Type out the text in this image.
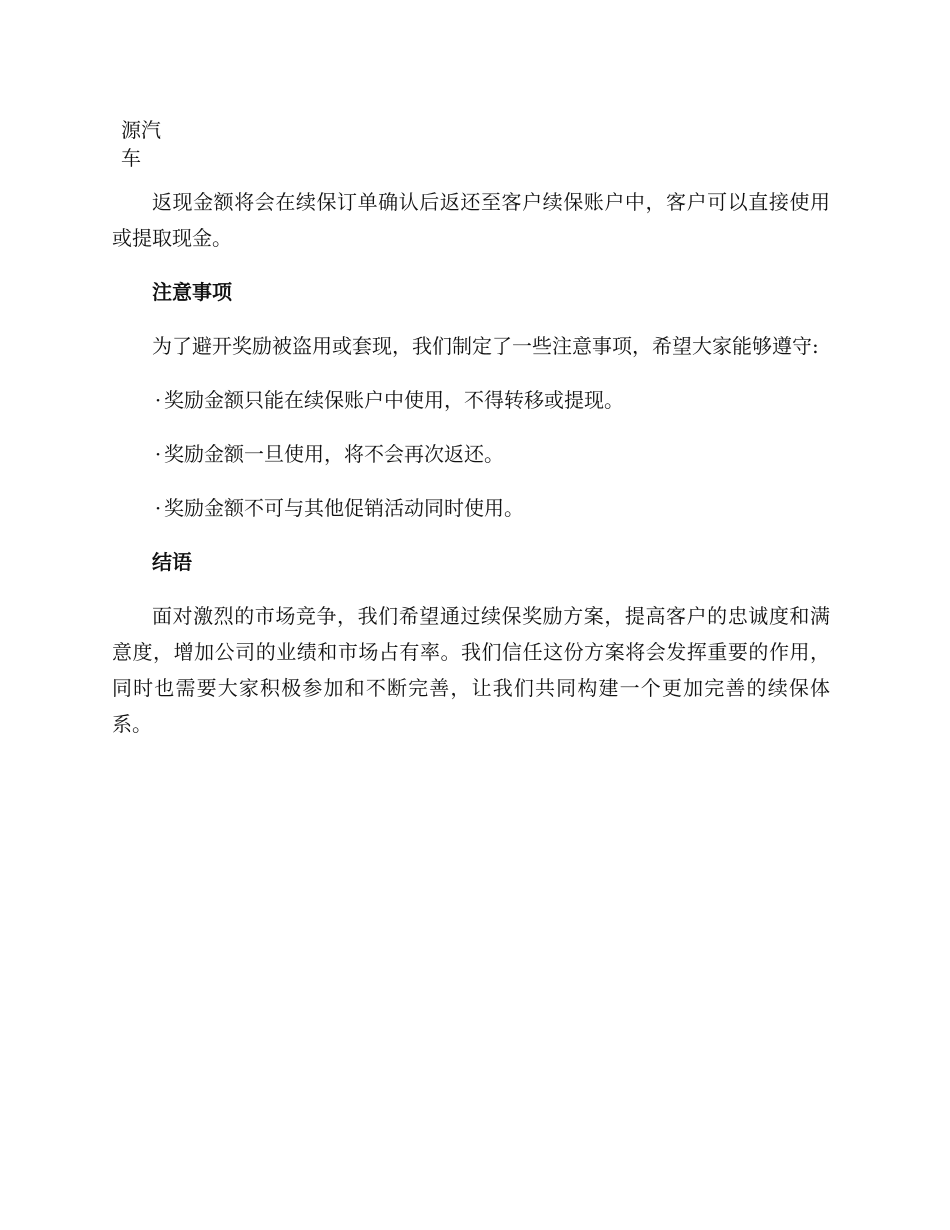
源汽车

返现金额将会在续保订单确认后返还至客户续保账户中，客户可以直接使用或提取现金。

注意事项

为了避开奖励被盗用或套现，我们制定了一些注意事项，希望大家能够遵守:

· 奖励金额只能在续保账户中使用，不得转移或提现。
· 奖励金额一旦使用，将不会再次返还。
· 奖励金额不可与其他促销活动同时使用。
结语

面对激烈的市场竞争，我们希望通过续保奖励方案，提高客户的忠诚度和满意度，增加公司的业绩和市场占有率。我们信任这份方案将会发挥重要的作用，同时也需要大家积极参加和不断完善，让我们共同构建一个更加完善的续保体系。
